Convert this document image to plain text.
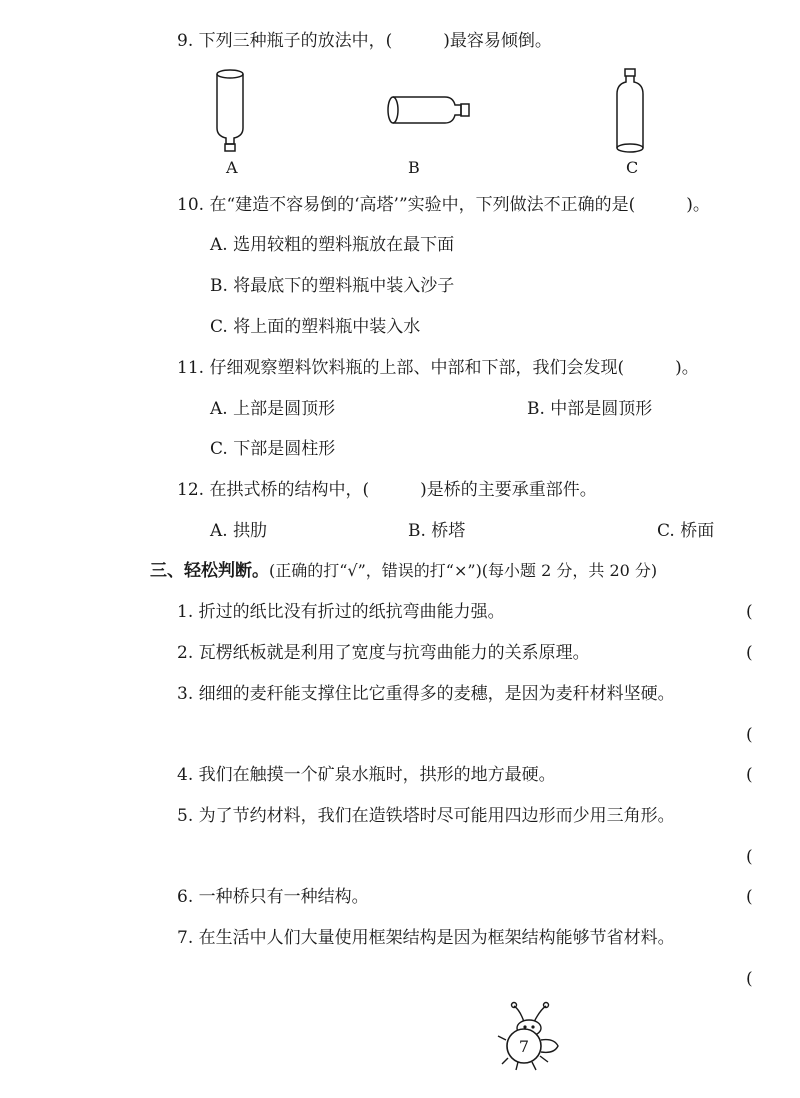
9. 下列三种瓶子的放法中，(　　　)最容易倾倒。
A	B	C
10. 在“建造不容易倒的‘高塔’”实验中，下列做法不正确的是(　　　)。
A. 选用较粗的塑料瓶放在最下面
B. 将最底下的塑料瓶中装入沙子
C. 将上面的塑料瓶中装入水
11. 仔细观察塑料饮料瓶的上部、中部和下部，我们会发现(　　　)。
A. 上部是圆顶形	B. 中部是圆顶形
C. 下部是圆柱形
12. 在拱式桥的结构中，(　　　)是桥的主要承重部件。
A. 拱肋	B. 桥塔	C. 桥面
三、轻松判断。(正确的打“√”，错误的打“×”)(每小题 2 分，共 20 分)
1. 折过的纸比没有折过的纸抗弯曲能力强。	(
2. 瓦楞纸板就是利用了宽度与抗弯曲能力的关系原理。	(
3. 细细的麦秆能支撑住比它重得多的麦穗，是因为麦秆材料坚硬。
(
4. 我们在触摸一个矿泉水瓶时，拱形的地方最硬。	(
5. 为了节约材料，我们在造铁塔时尽可能用四边形而少用三角形。
(
6. 一种桥只有一种结构。	(
7. 在生活中人们大量使用框架结构是因为框架结构能够节省材料。
(
7
